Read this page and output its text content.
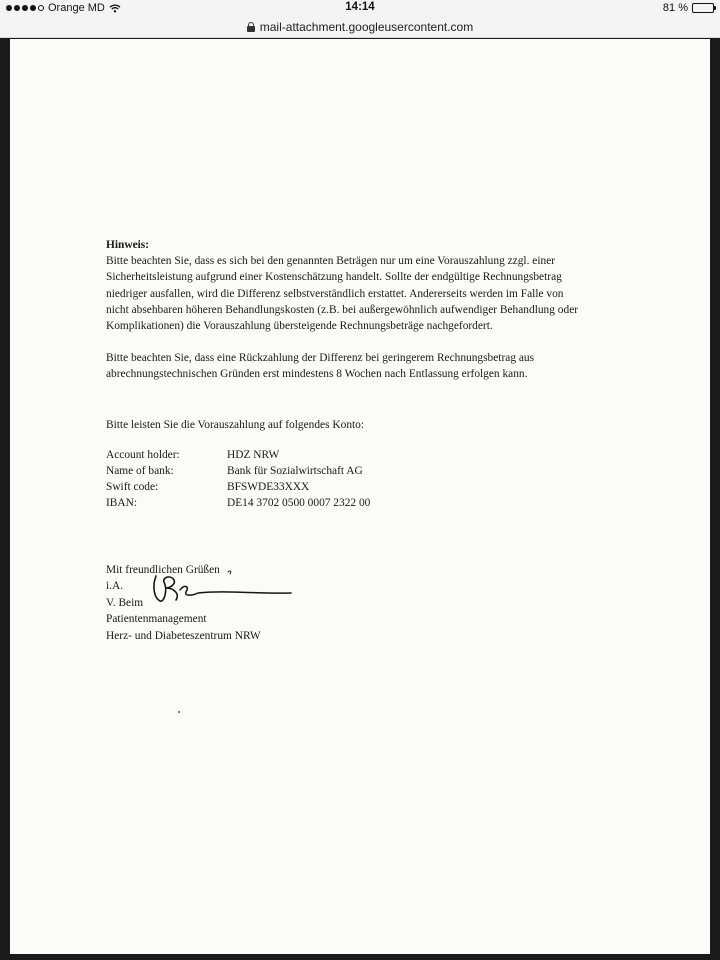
Orange MD	14:14	81 %
mail-attachment.googleusercontent.com
Hinweis:
Bitte beachten Sie, dass es sich bei den genannten Beträgen nur um eine Vorauszahlung zzgl. einer
Sicherheitsleistung aufgrund einer Kostenschätzung handelt. Sollte der endgültige Rechnungsbetrag
niedriger ausfallen, wird die Differenz selbstverständlich erstattet. Andererseits werden im Falle von
nicht absehbaren höheren Behandlungskosten (z.B. bei außergewöhnlich aufwendiger Behandlung oder
Komplikationen) die Vorauszahlung übersteigende Rechnungsbeträge nachgefordert.
Bitte beachten Sie, dass eine Rückzahlung der Differenz bei geringerem Rechnungsbetrag aus
abrechnungstechnischen Gründen erst mindestens 8 Wochen nach Entlassung erfolgen kann.
Bitte leisten Sie die Vorauszahlung auf folgendes Konto:
Account holder:	HDZ NRW
Name of bank:	Bank für Sozialwirtschaft AG
Swift code:	BFSWDE33XXX
IBAN:	DE14 3702 0500 0007 2322 00
Mit freundlichen Grüßen
i.A.
V. Beim
Patientenmanagement
Herz- und Diabeteszentrum NRW
